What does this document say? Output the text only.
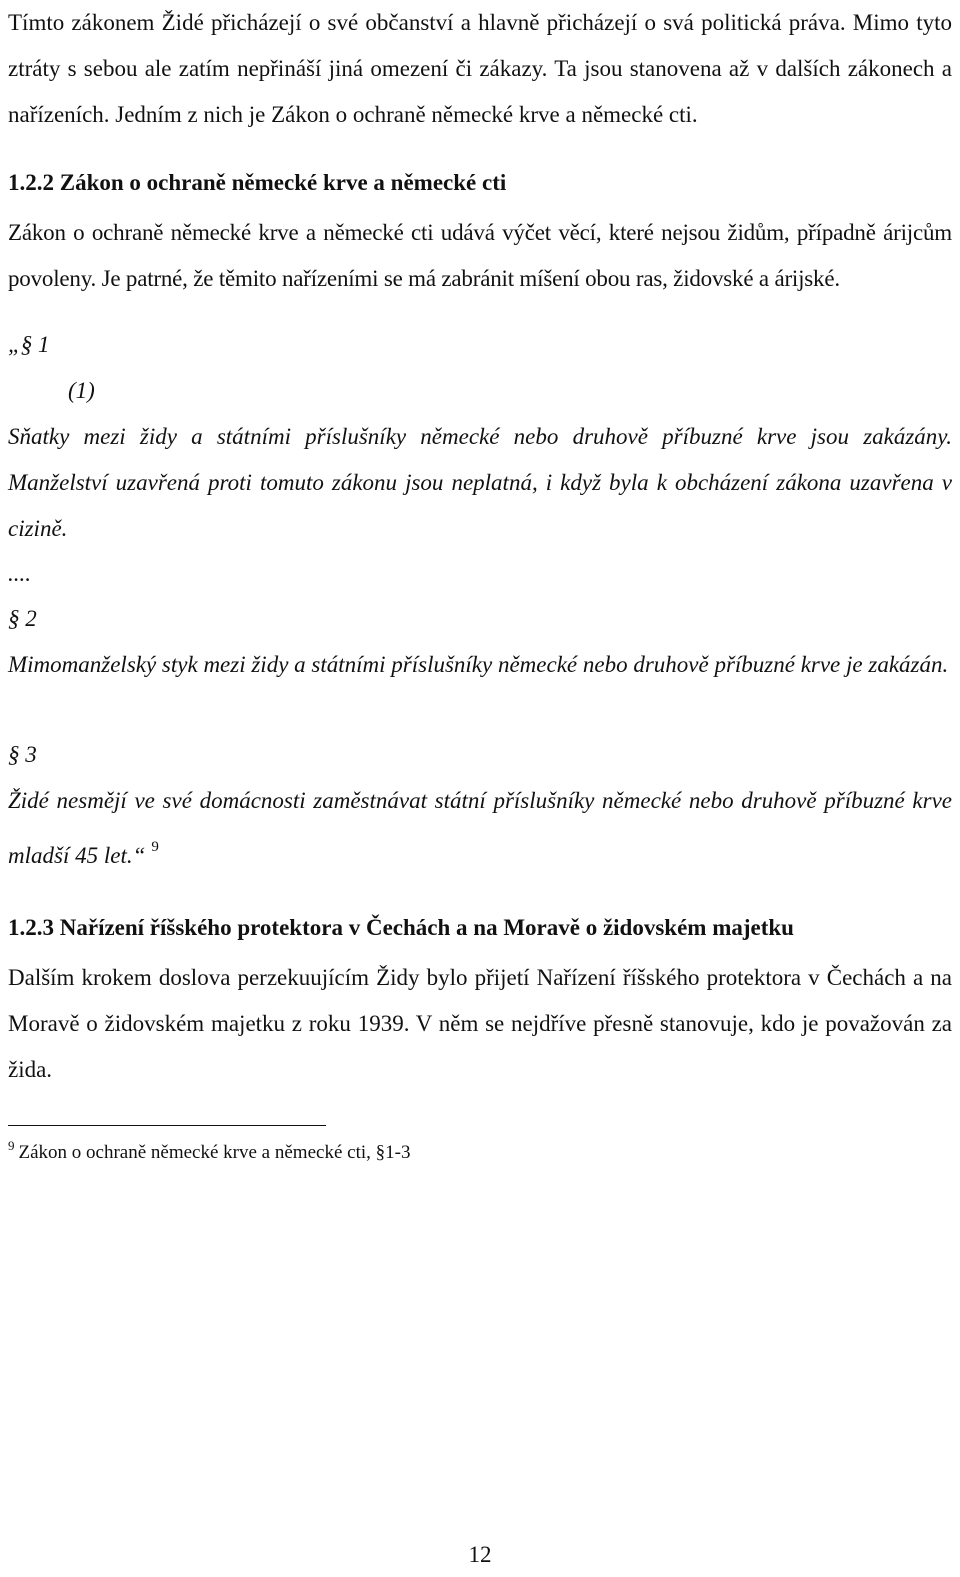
Tímto zákonem Židé přicházejí o své občanství a hlavně přicházejí o svá politická práva. Mimo tyto ztráty s sebou ale zatím nepřináší jiná omezení či zákazy. Ta jsou stanovena až v dalších zákonech a nařízeních. Jedním z nich je Zákon o ochraně německé krve a německé cti.

1.2.2 Zákon o ochraně německé krve a německé cti

Zákon o ochraně německé krve a německé cti udává výčet věcí, které nejsou židům, případně árijcům povoleny. Je patrné, že těmito nařízeními se má zabránit míšení obou ras, židovské a árijské.

„§ 1

(1)

Sňatky mezi židy a státními příslušníky německé nebo druhově příbuzné krve jsou zakázány. Manželství uzavřená proti tomuto zákonu jsou neplatná, i když byla k obcházení zákona uzavřena v cizině.

....

§ 2

Mimomanželský styk mezi židy a státními příslušníky německé nebo druhově příbuzné krve je zakázán.

§ 3

Židé nesmějí ve své domácnosti zaměstnávat státní příslušníky německé nebo druhově příbuzné krve mladší 45 let.“ $^9$

1.2.3 Nařízení říšského protektora v Čechách a na Moravě o židovském majetku

Dalším krokem doslova perzekuujícím Židy bylo přijetí Nařízení říšského protektora v Čechách a na Moravě o židovském majetku z roku 1939. V něm se nejdříve přesně stanovuje, kdo je považován za žida.

$^9$ Zákon o ochraně německé krve a německé cti, §1-3

12
